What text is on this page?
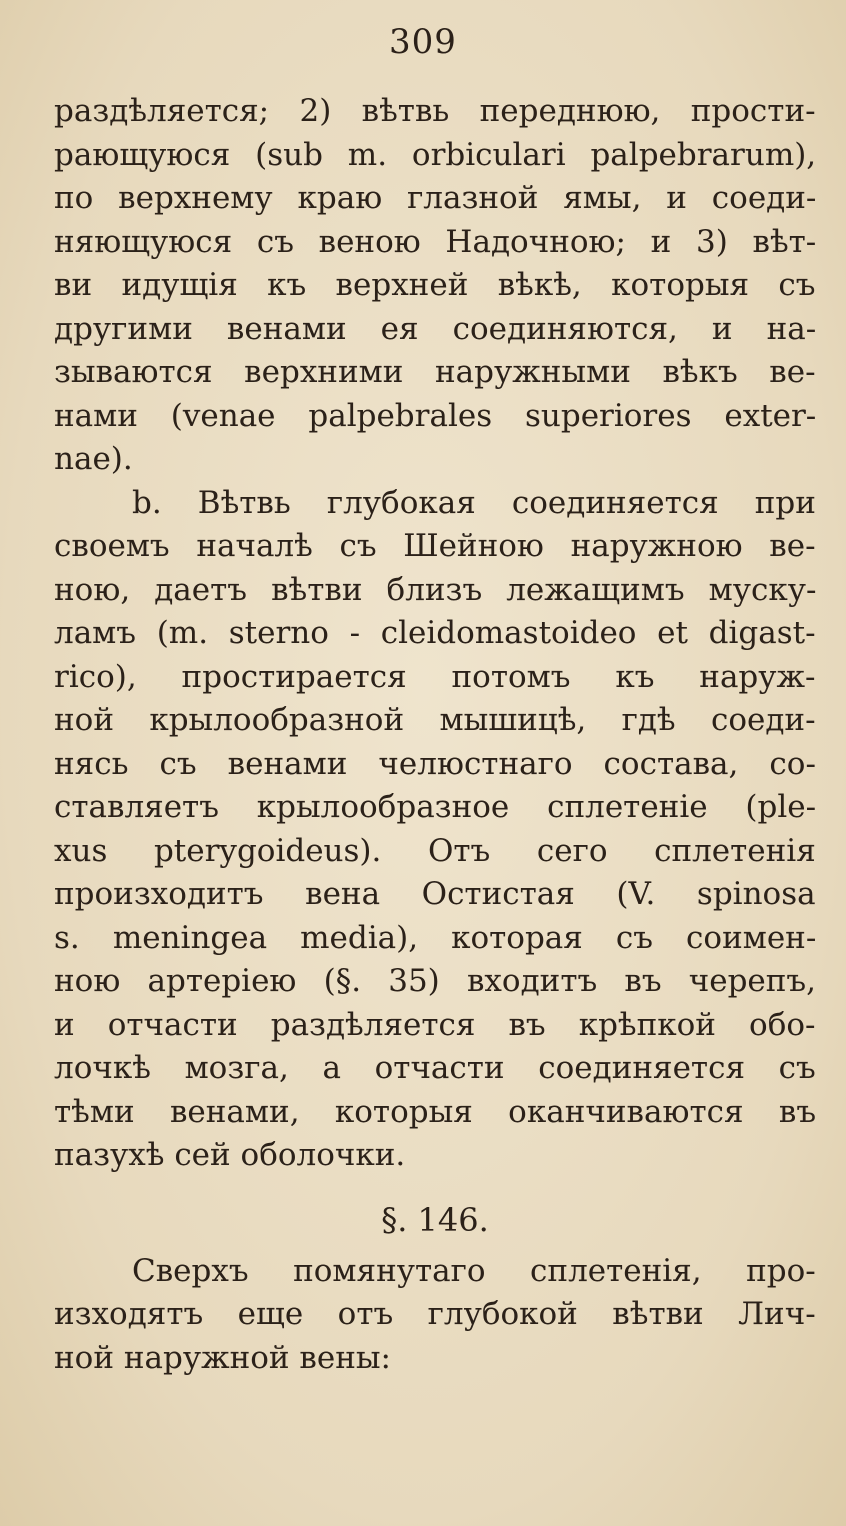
309
раздѣляется; 2) вѣтвь переднюю, прости-
рающуюся (sub m. orbiculari palpebrarum),
по верхнему краю глазной ямы, и соеди-
няющуюся съ веною Надочною; и 3) вѣт-
ви идущія къ верхней вѣкѣ, которыя съ
другими венами ея соединяются, и на-
зываются верхними наружными вѣкъ ве-
нами (venae palpebrales superiores exter-
nae).
b. Вѣтвь глубокая соединяется при
своемъ началѣ съ Шейною наружною ве-
ною, даетъ вѣтви близъ лежащимъ муску-
ламъ (m. sterno - cleidomastoideo et digast-
rico), простирается потомъ къ наруж-
ной крылообразной мышицѣ, гдѣ соеди-
нясь съ венами челюстнаго состава, со-
ставляетъ крылообразное сплетеніе (ple-
xus pterygoideus). Отъ сего сплетенія
произходитъ вена Остистая (V. spinosa
s. meningea media), которая съ соимен-
ною артеріею (§. 35) входитъ въ черепъ,
и отчасти раздѣляется въ крѣпкой обо-
лочкѣ мозга, а отчасти соединяется съ
тѣми венами, которыя оканчиваются въ
пазухѣ сей оболочки.
§. 146.
Сверхъ помянутаго сплетенія, про-
изходятъ еще отъ глубокой вѣтви Лич-
ной наружной вены:
